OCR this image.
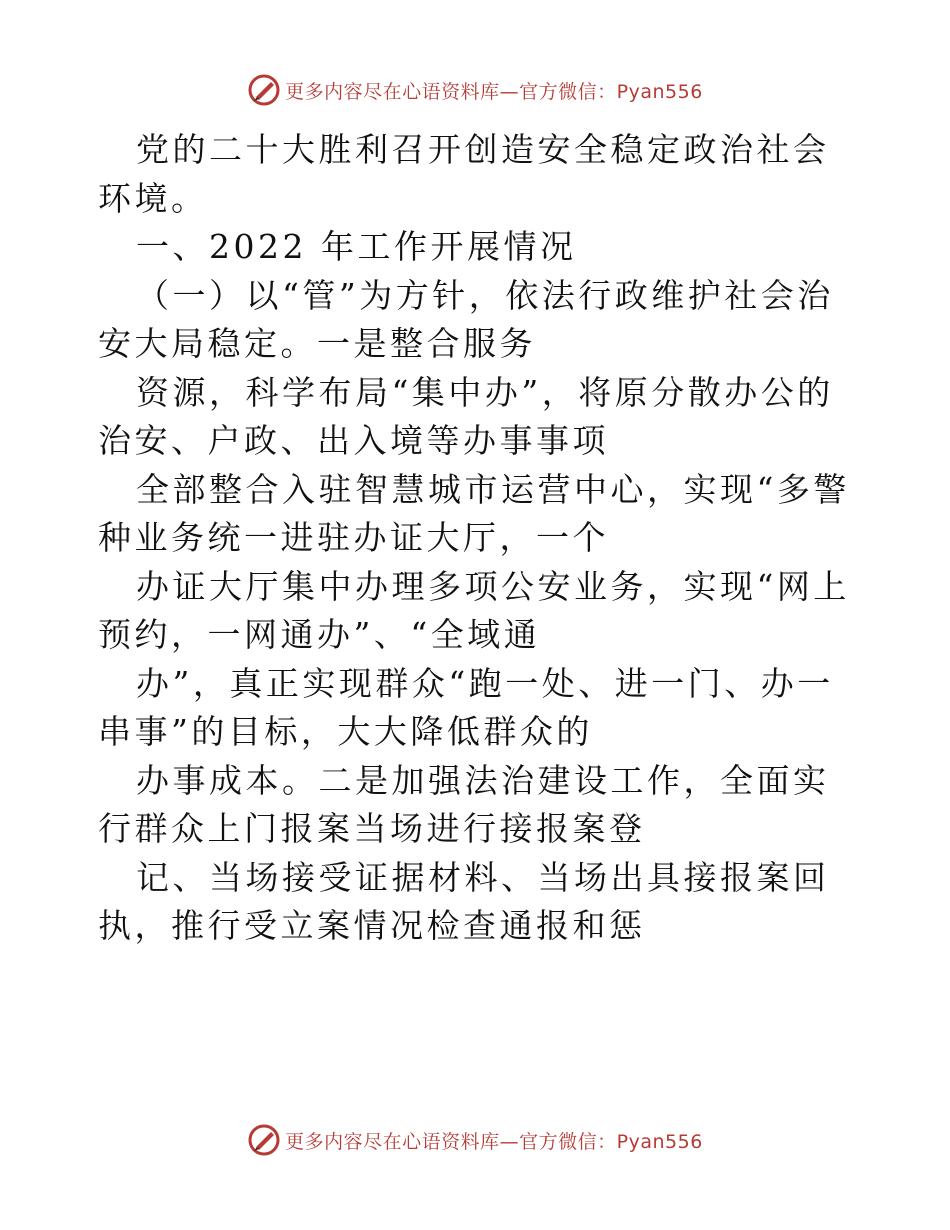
更多内容尽在心语资料库—官方微信：Pyan556

党的二十大胜利召开创造安全稳定政治社会环境。

一、2022 年工作开展情况

（一）以“管”为方针，依法行政维护社会治安大局稳定。一是整合服务

资源，科学布局“集中办”，将原分散办公的治安、户政、出入境等办事事项

全部整合入驻智慧城市运营中心，实现“多警种业务统一进驻办证大厅，一个

办证大厅集中办理多项公安业务，实现“网上预约，一网通办”、“全域通

办”，真正实现群众“跑一处、进一门、办一串事”的目标，大大降低群众的

办事成本。二是加强法治建设工作，全面实行群众上门报案当场进行接报案登

记、当场接受证据材料、当场出具接报案回执，推行受立案情况检查通报和惩

更多内容尽在心语资料库—官方微信：Pyan556
